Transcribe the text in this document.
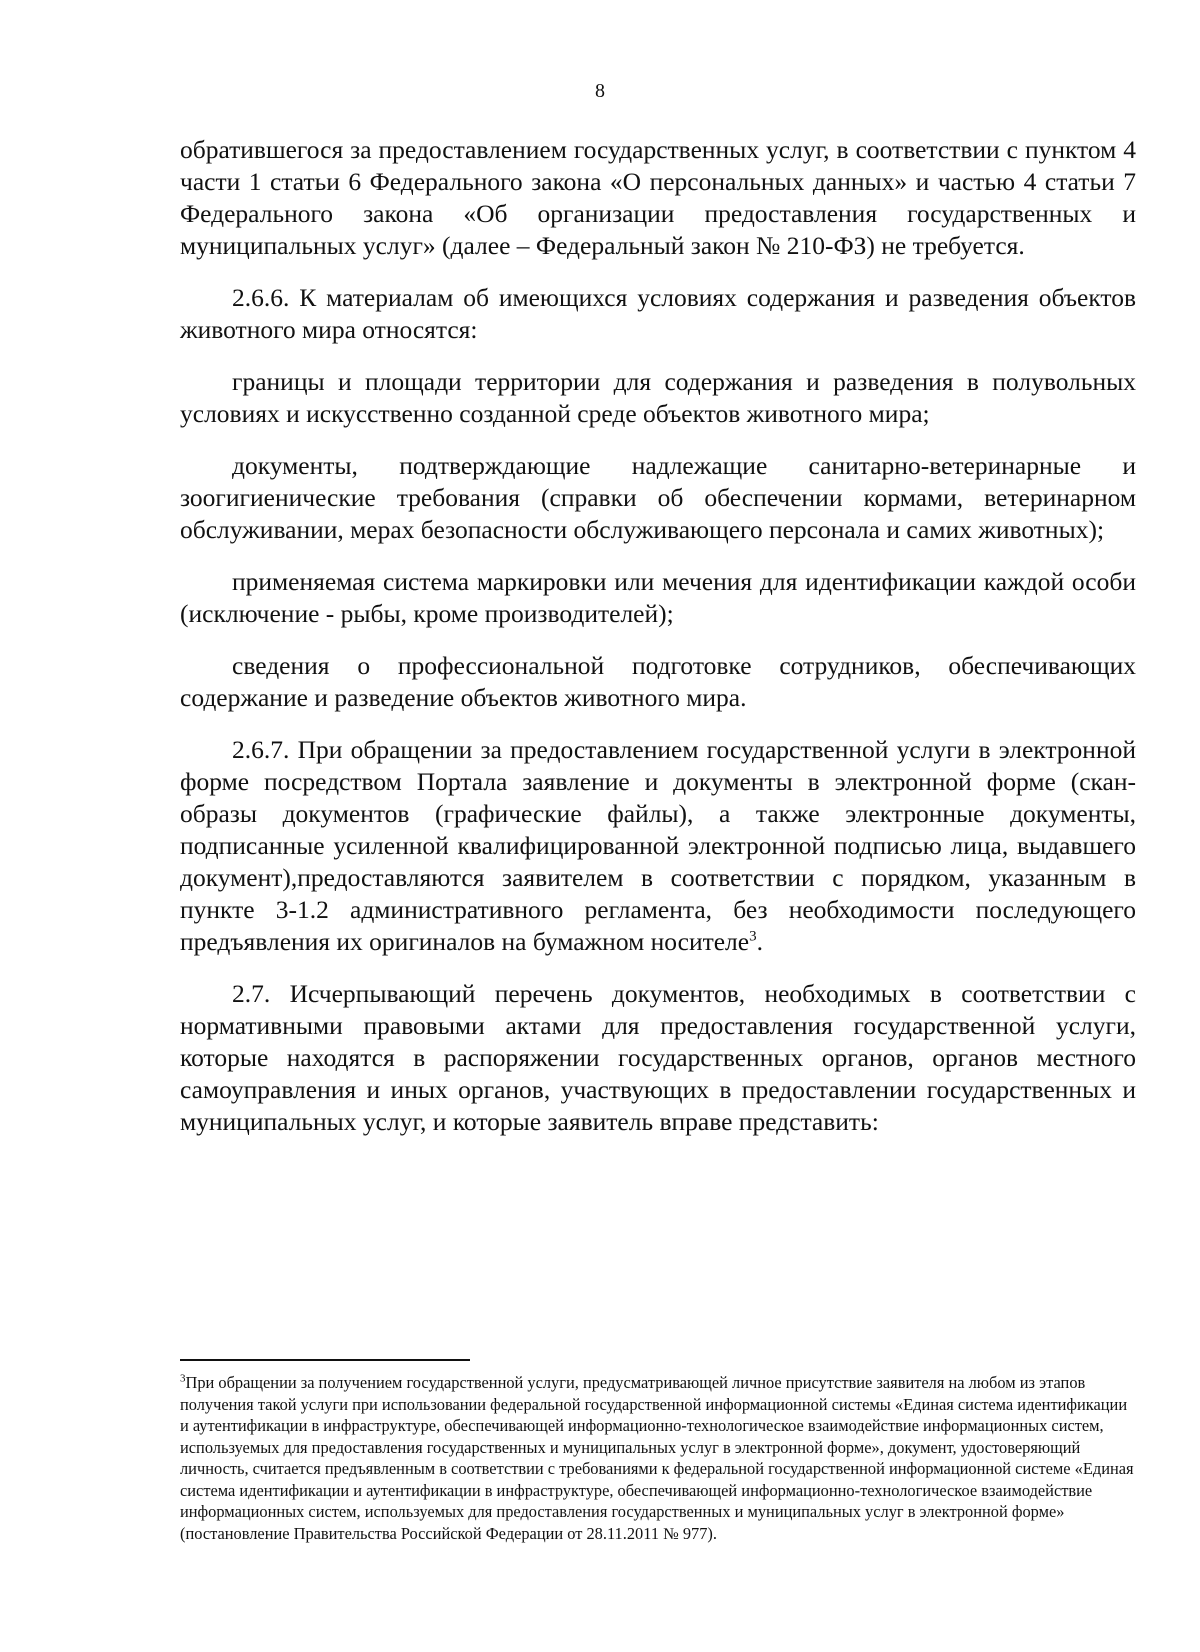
8

обратившегося за предоставлением государственных услуг, в соответствии с пунктом 4 части 1 статьи 6 Федерального закона «О персональных данных» и частью 4 статьи 7 Федерального закона «Об организации предоставления государственных и муниципальных услуг» (далее – Федеральный закон № 210-ФЗ) не требуется.

2.6.6. К материалам об имеющихся условиях содержания и разведения объектов животного мира относятся:

границы и площади территории для содержания и разведения в полувольных условиях и искусственно созданной среде объектов животного мира;

документы, подтверждающие надлежащие санитарно-ветеринарные и зоогигиенические требования (справки об обеспечении кормами, ветеринарном обслуживании, мерах безопасности обслуживающего персонала и самих животных);

применяемая система маркировки или мечения для идентификации каждой особи (исключение - рыбы, кроме производителей);

сведения о профессиональной подготовке сотрудников, обеспечивающих содержание и разведение объектов животного мира.

2.6.7. При обращении за предоставлением государственной услуги в электронной форме посредством Портала заявление и документы в электронной форме (скан-образы документов (графические файлы), а также электронные документы, подписанные усиленной квалифицированной электронной подписью лица, выдавшего документ),предоставляются заявителем в соответствии с порядком, указанным в пункте 3-1.2 административного регламента, без необходимости последующего предъявления их оригиналов на бумажном носителе$^3$.

2.7. Исчерпывающий перечень документов, необходимых в соответствии с нормативными правовыми актами для предоставления государственной услуги, которые находятся в распоряжении государственных органов, органов местного самоуправления и иных органов, участвующих в предоставлении государственных и муниципальных услуг, и которые заявитель вправе представить:

$^3$При обращении за получением государственной услуги, предусматривающей личное присутствие заявителя на любом из этапов получения такой услуги при использовании федеральной государственной информационной системы «Единая система идентификации и аутентификации в инфраструктуре, обеспечивающей информационно-технологическое взаимодействие информационных систем, используемых для предоставления государственных и муниципальных услуг в электронной форме», документ, удостоверяющий личность, считается предъявленным в соответствии с требованиями к федеральной государственной информационной системе «Единая система идентификации и аутентификации в инфраструктуре, обеспечивающей информационно-технологическое взаимодействие информационных систем, используемых для предоставления государственных и муниципальных услуг в электронной форме» (постановление Правительства Российской Федерации от 28.11.2011 № 977).
